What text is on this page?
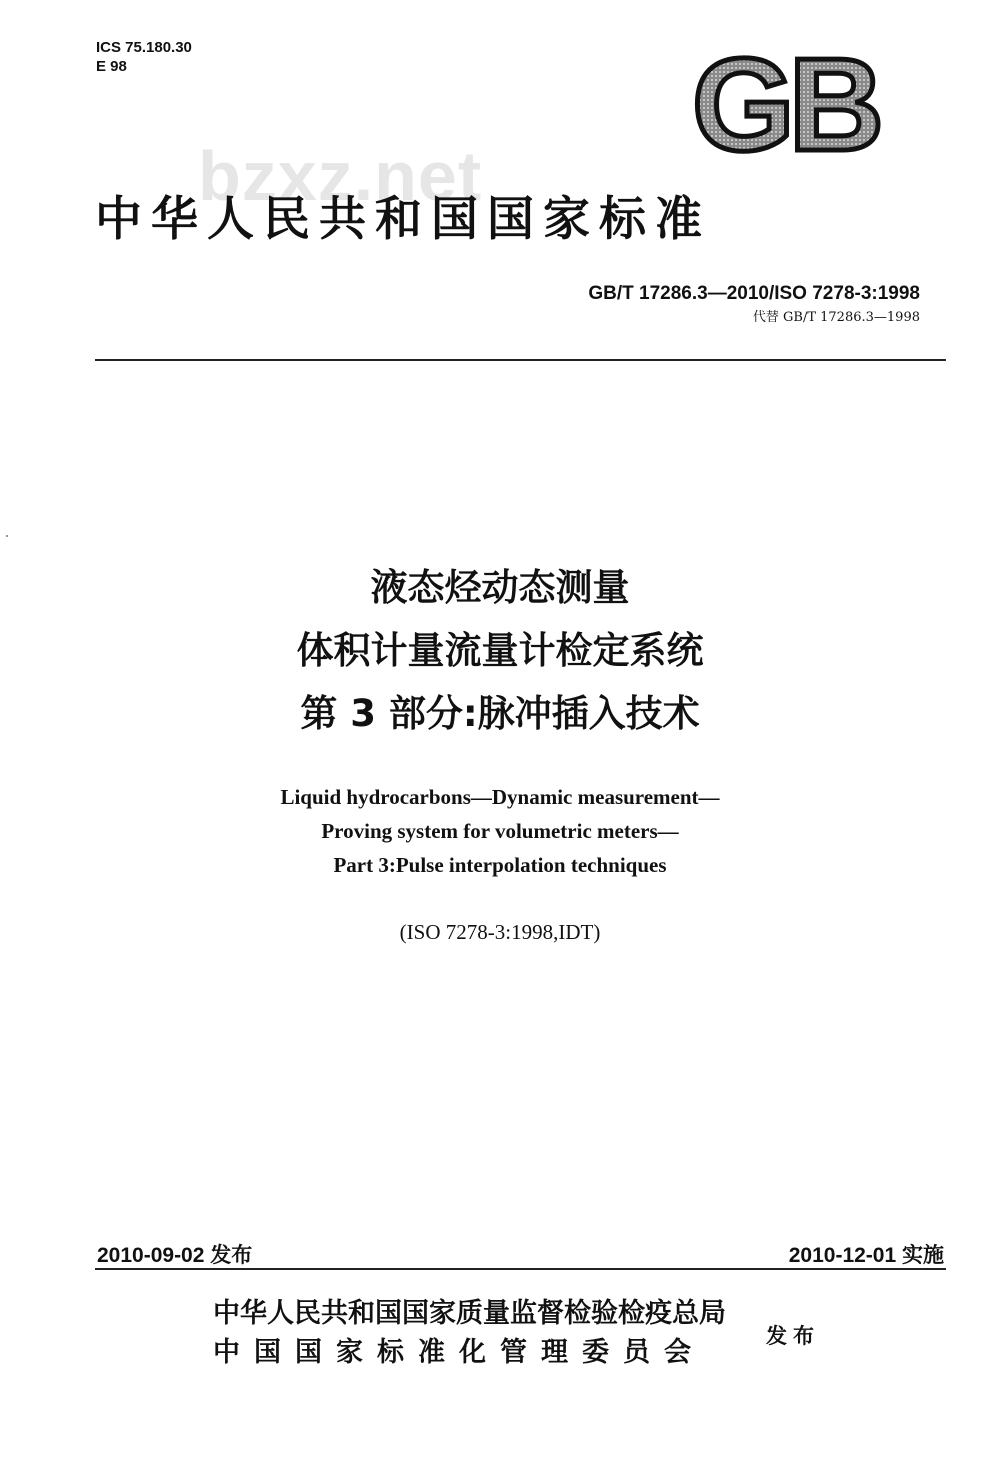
ICS 75.180.30
E 98	GB
bzxz.net
中华人民共和国国家标准
GB/T 17286.3—2010/ISO 7278-3:1998
代替 GB/T 17286.3—1998
液态烃动态测量
体积计量流量计检定系统
第 3 部分:脉冲插入技术
Liquid hydrocarbons—Dynamic measurement—
Proving system for volumetric meters—
Part 3:Pulse interpolation techniques
(ISO 7278-3:1998,IDT)
2010-09-02 发布	2010-12-01 实施
中华人民共和国国家质量监督检验检疫总局
中国国家标准化管理委员会
发布
